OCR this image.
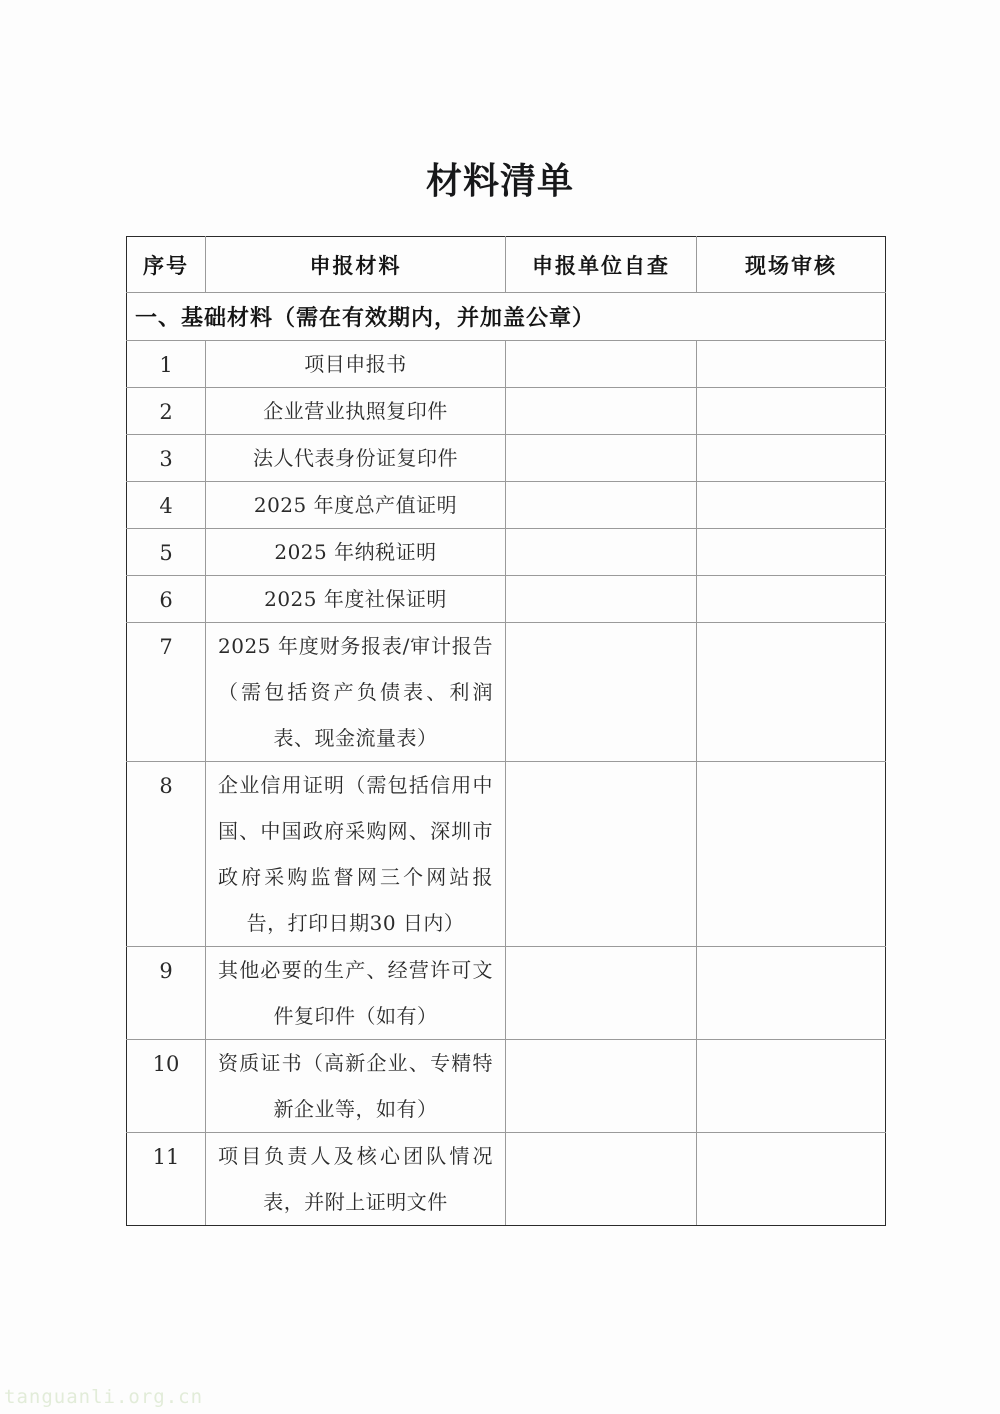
材料清单
序号	申报材料	申报单位自查	现场审核

一、基础材料（需在有效期内，并加盖公章）			

1	项目申报书		

2	企业营业执照复印件		

3	法人代表身份证复印件		

4	2025 年度总产值证明		

5	2025 年纳税证明		

6	2025 年度社保证明		

7	2025 年度财务报表/审计报告（需包括资产负债表、利润表、现金流量表）		

8	企业信用证明（需包括信用中国、中国政府采购网、深圳市政府采购监督网三个网站报告，打印日期30 日内）		

9	其他必要的生产、经营许可文件复印件（如有）		

10	资质证书（高新企业、专精特新企业等，如有）		

11	项目负责人及核心团队情况表，并附上证明文件		

tanguanli.org.cn
